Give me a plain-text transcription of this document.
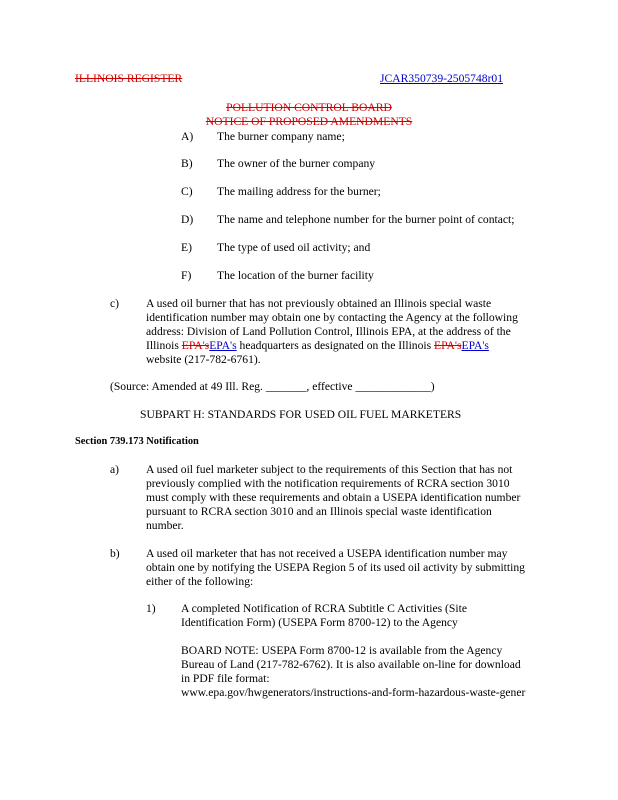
ILLINOIS REGISTER	JCAR350739-2505748r01
POLLUTION CONTROL BOARD
NOTICE OF PROPOSED AMENDMENTS
A) The burner company name;
B) The owner of the burner company
C) The mailing address for the burner;
D) The name and telephone number for the burner point of contact;
E) The type of used oil activity; and
F) The location of the burner facility
c) A used oil burner that has not previously obtained an Illinois special waste
identification number may obtain one by contacting the Agency at the following
address: Division of Land Pollution Control, Illinois EPA, at the address of the
Illinois EPA'sEPA's headquarters as designated on the Illinois EPA'sEPA's
website (217-782-6761).
(Source: Amended at 49 Ill. Reg. _______, effective _____________)
SUBPART H: STANDARDS FOR USED OIL FUEL MARKETERS
Section 739.173 Notification
a) A used oil fuel marketer subject to the requirements of this Section that has not
previously complied with the notification requirements of RCRA section 3010
must comply with these requirements and obtain a USEPA identification number
pursuant to RCRA section 3010 and an Illinois special waste identification
number.
b) A used oil marketer that has not received a USEPA identification number may
obtain one by notifying the USEPA Region 5 of its used oil activity by submitting
either of the following:
1) A completed Notification of RCRA Subtitle C Activities (Site
Identification Form) (USEPA Form 8700-12) to the Agency
BOARD NOTE: USEPA Form 8700-12 is available from the Agency
Bureau of Land (217-782-6762). It is also available on-line for download
in PDF file format:
www.epa.gov/hwgenerators/instructions-and-form-hazardous-waste-gener
